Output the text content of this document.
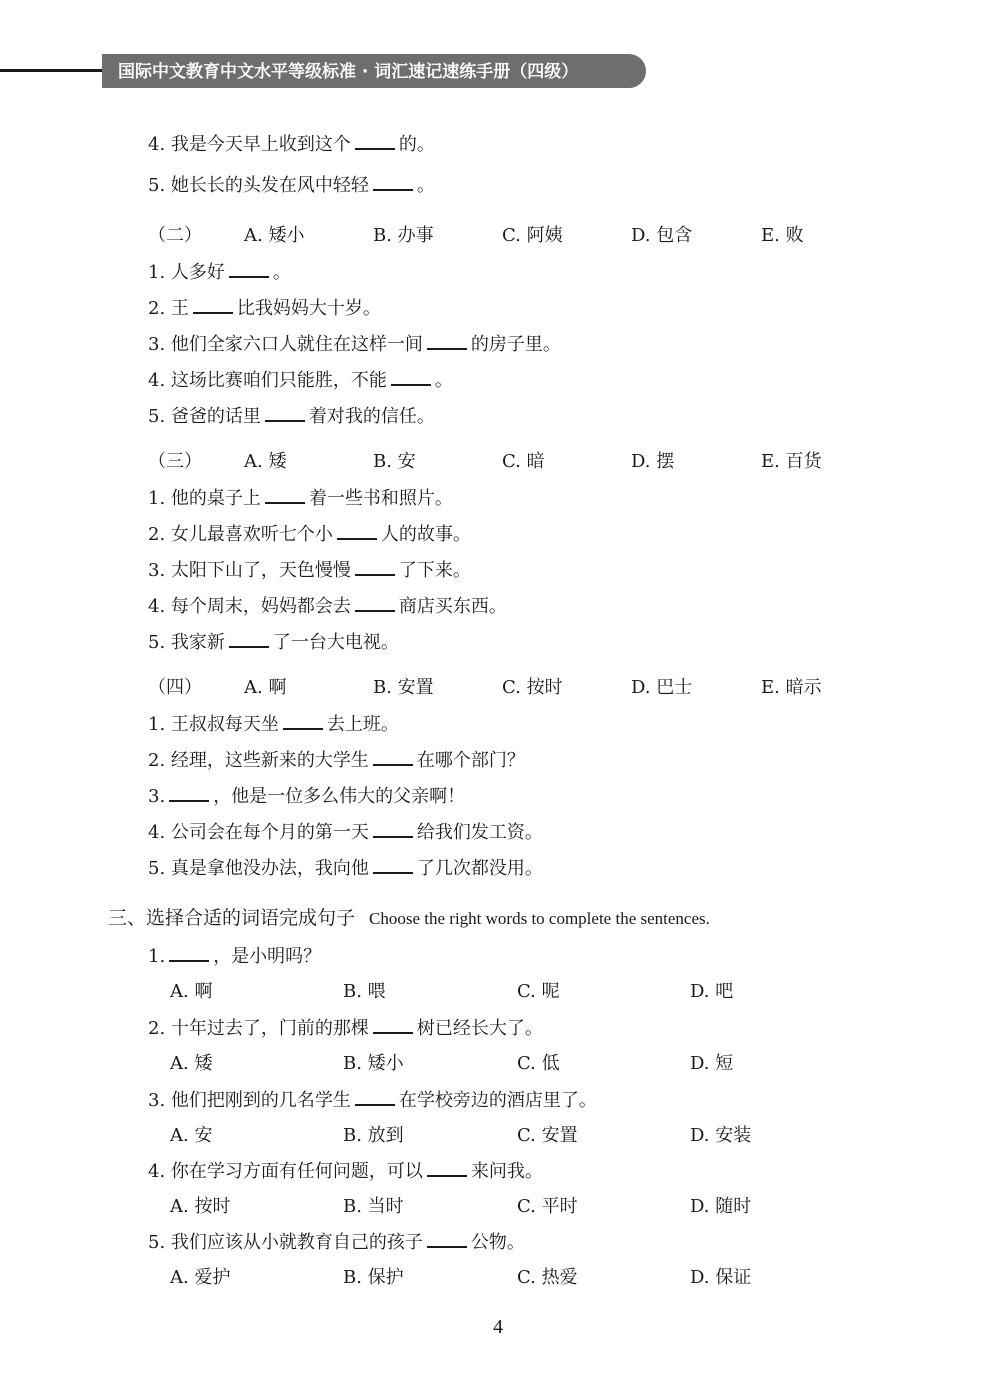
国际中文教育中文水平等级标准 · 词汇速记速练手册（四级）
4. 我是今天早上收到这个	的。
5. 她长长的头发在风中轻轻	。
（二） A. 矮小	B. 办事	C. 阿姨	D. 包含	E. 败
1. 人多好	。
2. 王	比我妈妈大十岁。
3. 他们全家六口人就住在这样一间	的房子里。
4. 这场比赛咱们只能胜，不能	。
5. 爸爸的话里	着对我的信任。
（三） A. 矮	B. 安	C. 暗	D. 摆	E. 百货
1. 他的桌子上	着一些书和照片。
2. 女儿最喜欢听七个小	人的故事。
3. 太阳下山了，天色慢慢	了下来。
4. 每个周末，妈妈都会去	商店买东西。
5. 我家新	了一台大电视。
（四） A. 啊	B. 安置	C. 按时	D. 巴士	E. 暗示
1. 王叔叔每天坐	去上班。
2. 经理，这些新来的大学生	在哪个部门？
3.	，他是一位多么伟大的父亲啊！
4. 公司会在每个月的第一天	给我们发工资。
5. 真是拿他没办法，我向他	了几次都没用。
三、选择合适的词语完成句子 Choose the right words to complete the sentences.
1.	，是小明吗？
A. 啊	B. 喂	C. 呢	D. 吧
2. 十年过去了，门前的那棵	树已经长大了。
A. 矮	B. 矮小	C. 低	D. 短
3. 他们把刚到的几名学生	在学校旁边的酒店里了。
A. 安	B. 放到	C. 安置	D. 安装
4. 你在学习方面有任何问题，可以	来问我。
A. 按时	B. 当时	C. 平时	D. 随时
5. 我们应该从小就教育自己的孩子	公物。
A. 爱护	B. 保护	C. 热爱	D. 保证
4
